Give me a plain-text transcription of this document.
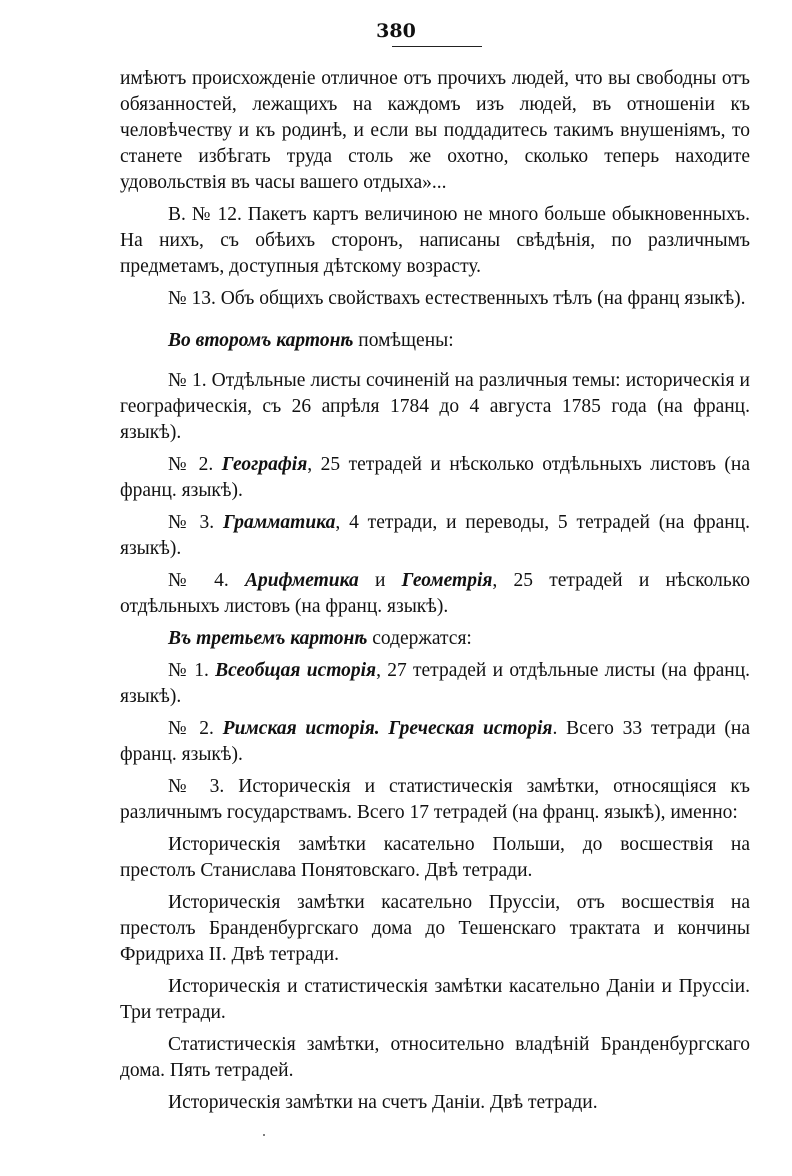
380

имѣютъ происхожденіе отличное отъ прочихъ людей, что вы свободны отъ обязанностей, лежащихъ на каждомъ изъ людей, въ отношеніи къ человѣчеству и къ родинѣ, и если вы поддадитесь такимъ внушеніямъ, то станете избѣгать труда столь же охотно, сколько теперь находите удовольствія въ часы вашего отдыха»...

В. № 12. Пакетъ картъ величиною не много больше обыкновенныхъ. На нихъ, съ обѣихъ сторонъ, написаны свѣдѣнія, по различнымъ предметамъ, доступныя дѣтскому возрасту.

№ 13. Объ общихъ свойствахъ естественныхъ тѣлъ (на франц языкѣ).

Во второмъ картонѣ помѣщены:

№ 1. Отдѣльные листы сочиненій на различныя темы: историческія и географическія, съ 26 апрѣля 1784 до 4 августа 1785 года (на франц. языкѣ).

№ 2. Географія, 25 тетрадей и нѣсколько отдѣльныхъ листовъ (на франц. языкѣ).

№ 3. Грамматика, 4 тетради, и переводы, 5 тетрадей (на франц. языкѣ).

№ 4. Арифметика и Геометрія, 25 тетрадей и нѣсколько отдѣльныхъ листовъ (на франц. языкѣ).

Въ третьемъ картонѣ содержатся:

№ 1. Всеобщая исторія, 27 тетрадей и отдѣльные листы (на франц. языкѣ).

№ 2. Римская исторія. Греческая исторія. Всего 33 тетради (на франц. языкѣ).

№ 3. Историческія и статистическія замѣтки, относящіяся къ различнымъ государствамъ. Всего 17 тетрадей (на франц. языкѣ), именно:

Историческія замѣтки касательно Польши, до восшествія на престолъ Станислава Понятовскаго. Двѣ тетради.

Историческія замѣтки касательно Пруссіи, отъ восшествія на престолъ Бранденбургскаго дома до Тешенскаго трактата и кончины Фридриха II. Двѣ тетради.

Историческія и статистическія замѣтки касательно Даніи и Пруссіи. Три тетради.

Статистическія замѣтки, относительно владѣній Бранденбургскаго дома. Пять тетрадей.

Историческія замѣтки на счетъ Даніи. Двѣ тетради.
